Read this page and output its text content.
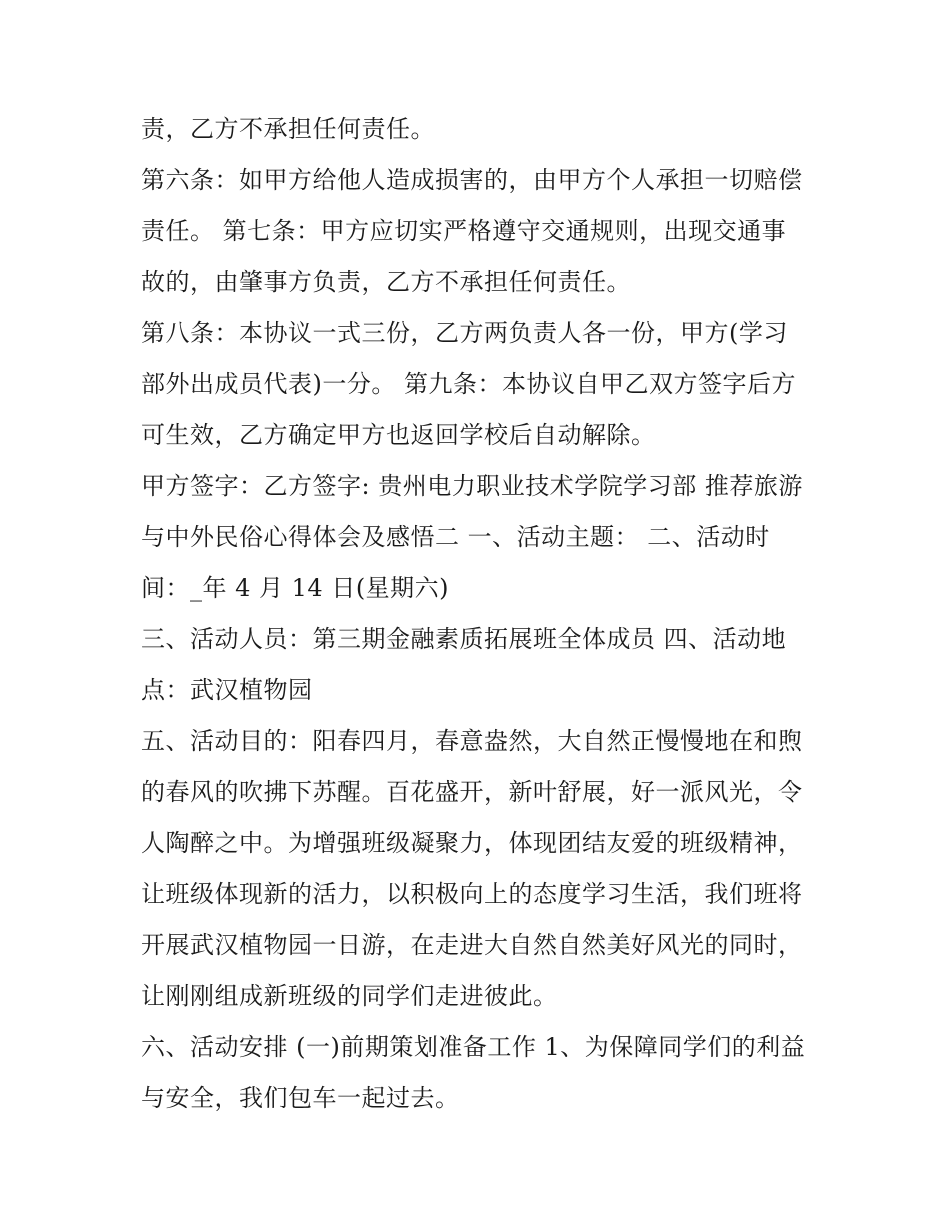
责，乙方不承担任何责任。
第六条：如甲方给他人造成损害的，由甲方个人承担一切赔偿
责任。 第七条：甲方应切实严格遵守交通规则，出现交通事
故的，由肇事方负责，乙方不承担任何责任。
第八条：本协议一式三份，乙方两负责人各一份，甲方(学习
部外出成员代表)一分。 第九条：本协议自甲乙双方签字后方
可生效，乙方确定甲方也返回学校后自动解除。
甲方签字：乙方签字: 贵州电力职业技术学院学习部 推荐旅游
与中外民俗心得体会及感悟二 一、活动主题： 二、活动时
间：_年 4 月 14 日(星期六)
三、活动人员：第三期金融素质拓展班全体成员 四、活动地
点：武汉植物园
五、活动目的：阳春四月，春意盎然，大自然正慢慢地在和煦
的春风的吹拂下苏醒。百花盛开，新叶舒展，好一派风光，令
人陶醉之中。为增强班级凝聚力，体现团结友爱的班级精神，
让班级体现新的活力，以积极向上的态度学习生活，我们班将
开展武汉植物园一日游，在走进大自然自然美好风光的同时，
让刚刚组成新班级的同学们走进彼此。
六、活动安排 (一)前期策划准备工作 1、为保障同学们的利益
与安全，我们包车一起过去。
